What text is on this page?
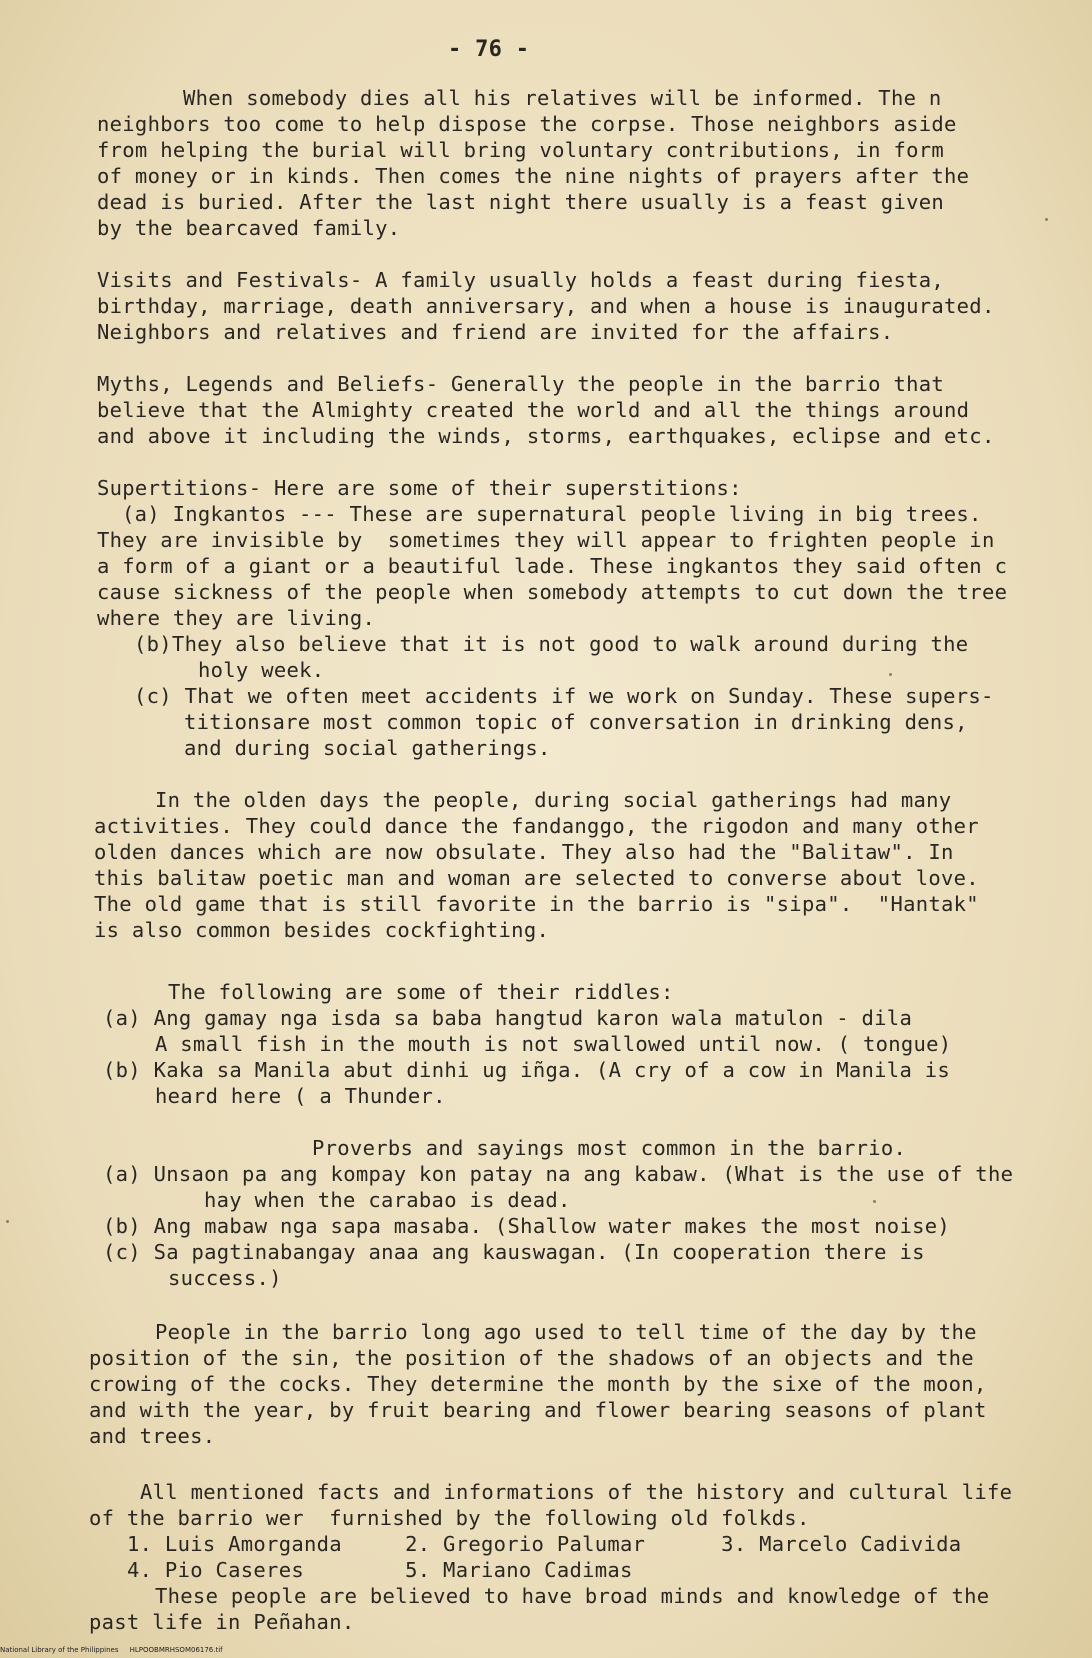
- 76 -
When somebody dies all his relatives will be informed. The n
neighbors too come to help dispose the corpse. Those neighbors aside
from helping the burial will bring voluntary contributions, in form
of money or in kinds. Then comes the nine nights of prayers after the
dead is buried. After the last night there usually is a feast given
by the bearcaved family.
Visits and Festivals- A family usually holds a feast during fiesta,
birthday, marriage, death anniversary, and when a house is inaugurated.
Neighbors and relatives and friend are invited for the affairs.
Myths, Legends and Beliefs- Generally the people in the barrio that
believe that the Almighty created the world and all the things around
and above it including the winds, storms, earthquakes, eclipse and etc.
Supertitions- Here are some of their superstitions:
(a) Ingkantos --- These are supernatural people living in big trees.
They are invisible by  sometimes they will appear to frighten people in
a form of a giant or a beautiful lade. These ingkantos they said often c
cause sickness of the people when somebody attempts to cut down the tree
where they are living.
(b)They also believe that it is not good to walk around during the
holy week.
(c) That we often meet accidents if we work on Sunday. These supers-
titionsare most common topic of conversation in drinking dens,
and during social gatherings.
In the olden days the people, during social gatherings had many
activities. They could dance the fandanggo, the rigodon and many other
olden dances which are now obsulate. They also had the "Balitaw". In
this balitaw poetic man and woman are selected to converse about love.
The old game that is still favorite in the barrio is "sipa".  "Hantak"
is also common besides cockfighting.
The following are some of their riddles:
(a) Ang gamay nga isda sa baba hangtud karon wala matulon - dila
A small fish in the mouth is not swallowed until now. ( tongue)
(b) Kaka sa Manila abut dinhi ug iñga. (A cry of a cow in Manila is
heard here ( a Thunder.
Proverbs and sayings most common in the barrio.
(a) Unsaon pa ang kompay kon patay na ang kabaw. (What is the use of the
hay when the carabao is dead.
(b) Ang mabaw nga sapa masaba. (Shallow water makes the most noise)
(c) Sa pagtinabangay anaa ang kauswagan. (In cooperation there is
success.)
People in the barrio long ago used to tell time of the day by the
position of the sin, the position of the shadows of an objects and the
crowing of the cocks. They determine the month by the sixe of the moon,
and with the year, by fruit bearing and flower bearing seasons of plant
and trees.
All mentioned facts and informations of the history and cultural life
of the barrio wer  furnished by the following old folkds.
1. Luis Amorganda     2. Gregorio Palumar      3. Marcelo Cadivida
4. Pio Caseres        5. Mariano Cadimas
These people are believed to have broad minds and knowledge of the
past life in Peñahan.
National Library of the Philippines     HLPOOBMRHSOM06176.tif
